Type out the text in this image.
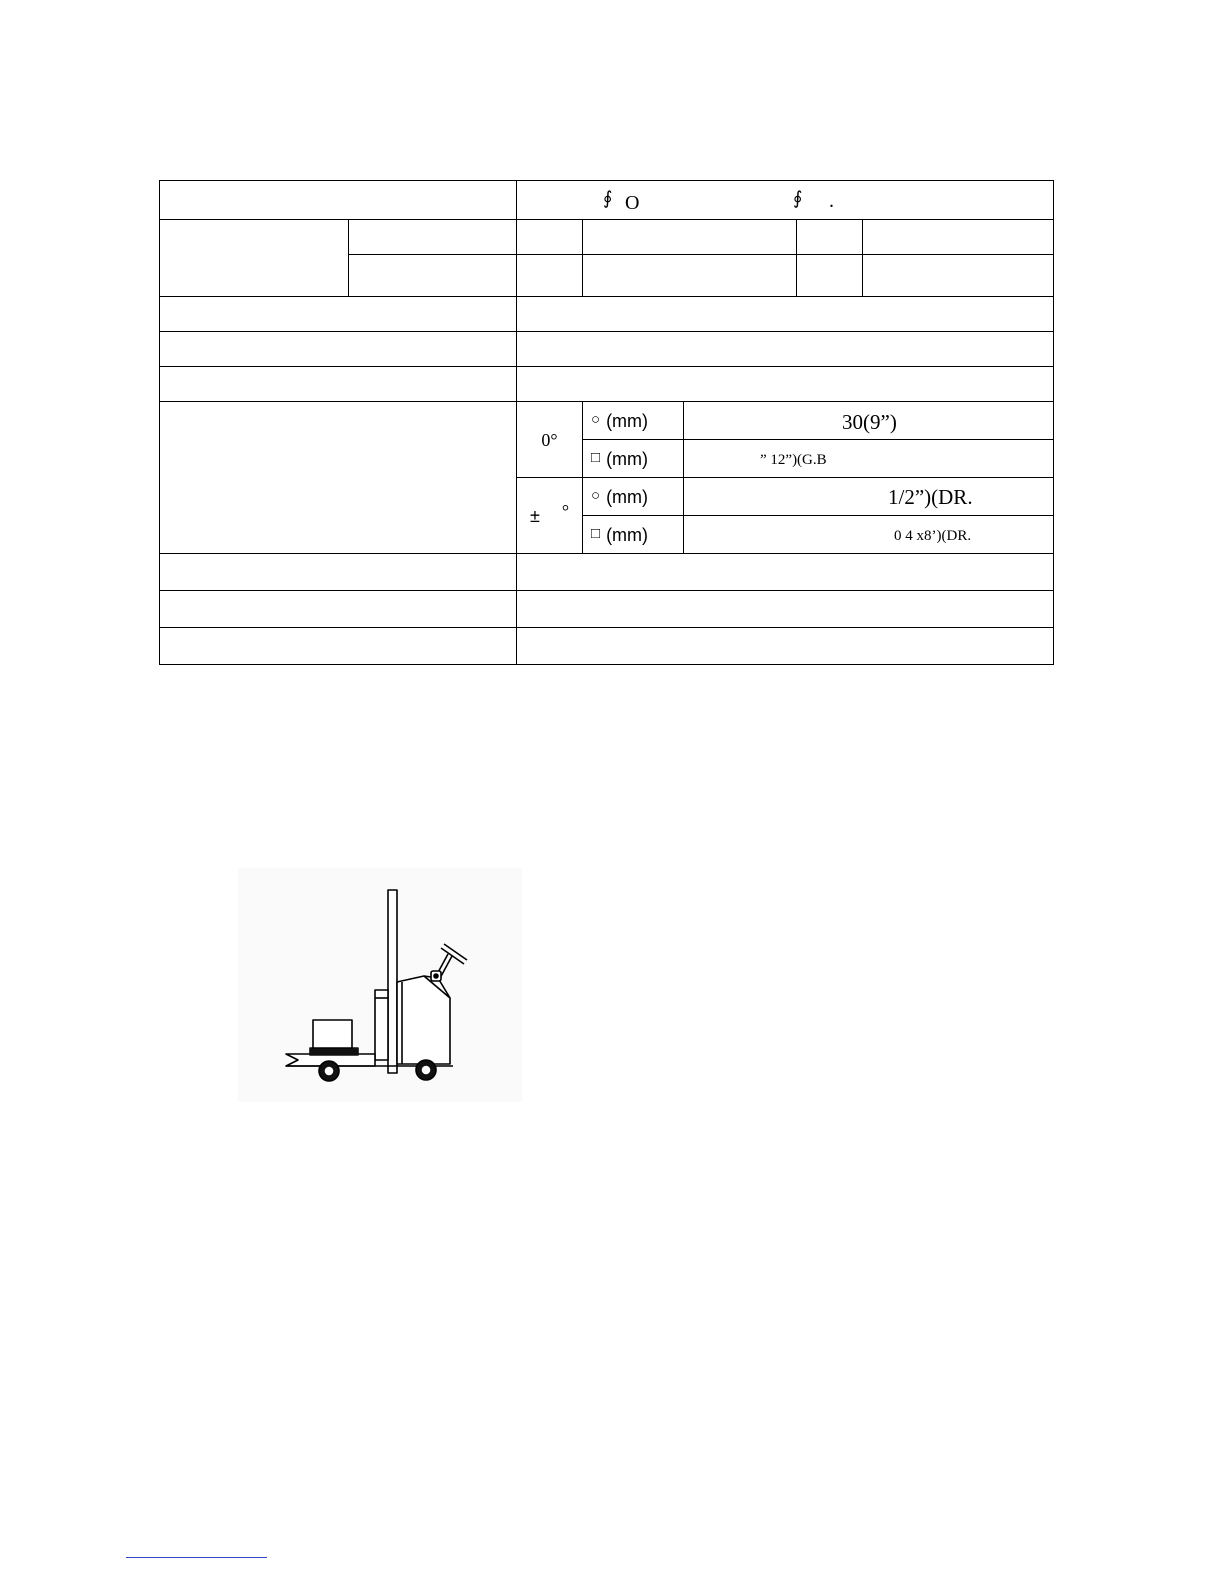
		∮ O ∮ .				

		0°	○ (mm)	30(9”)		

			□ (mm)	” 12”)(G.B		

		± °	○ (mm)	1/2”)(DR.		

			□ (mm)	0 4 x8’)(DR.		
